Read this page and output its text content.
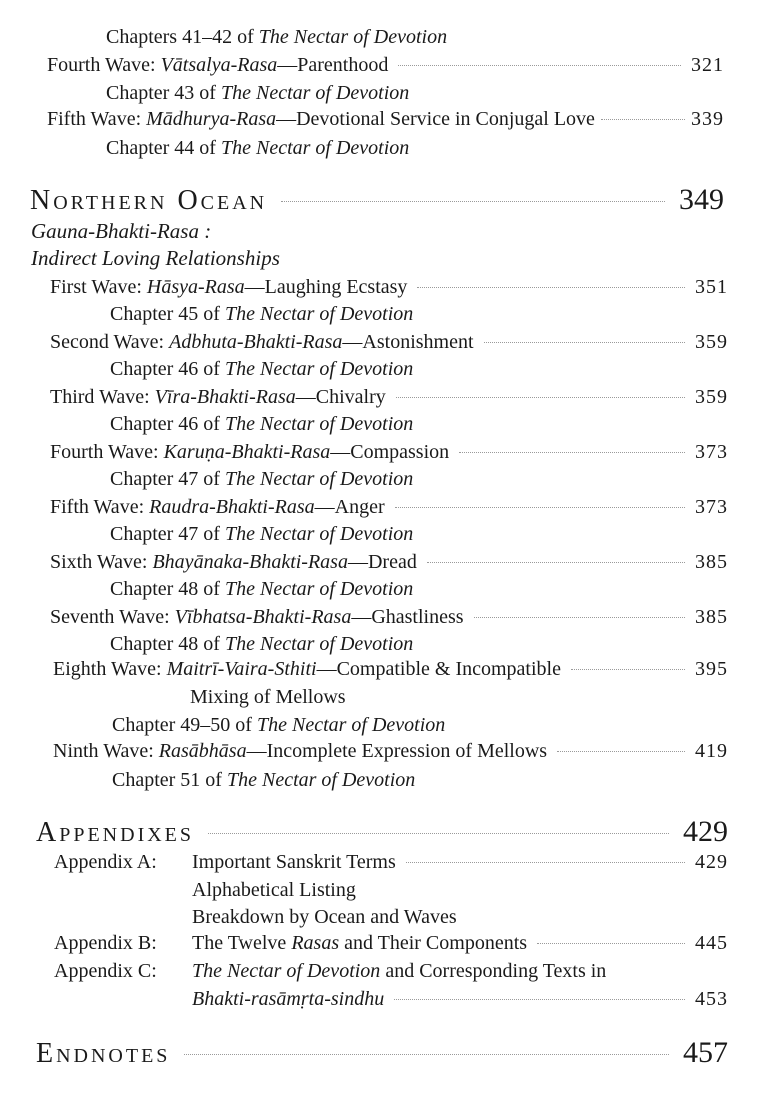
Chapters 41–42 of The Nectar of Devotion
Fourth Wave: Vātsalya-Rasa—Parenthood	321
Chapter 43 of The Nectar of Devotion
Fifth Wave: Mādhurya-Rasa—Devotional Service in Conjugal Love	339
Chapter 44 of The Nectar of Devotion
Northern Ocean	349
Gauna-Bhakti-Rasa :
Indirect Loving Relationships
First Wave: Hāsya-Rasa—Laughing Ecstasy	351
Chapter 45 of The Nectar of Devotion
Second Wave: Adbhuta-Bhakti-Rasa—Astonishment	359
Chapter 46 of The Nectar of Devotion
Third Wave: Vīra-Bhakti-Rasa—Chivalry	359
Chapter 46 of The Nectar of Devotion
Fourth Wave: Karuṇa-Bhakti-Rasa—Compassion	373
Chapter 47 of The Nectar of Devotion
Fifth Wave: Raudra-Bhakti-Rasa—Anger	373
Chapter 47 of The Nectar of Devotion
Sixth Wave: Bhayānaka-Bhakti-Rasa—Dread	385
Chapter 48 of The Nectar of Devotion
Seventh Wave: Vībhatsa-Bhakti-Rasa—Ghastliness	385
Chapter 48 of The Nectar of Devotion
Eighth Wave: Maitrī-Vaira-Sthiti—Compatible & Incompatible	395
Mixing of Mellows
Chapter 49–50 of The Nectar of Devotion
Ninth Wave: Rasābhāsa—Incomplete Expression of Mellows	419
Chapter 51 of The Nectar of Devotion
Appendixes	429
Appendix A: Important Sanskrit Terms	429
Alphabetical Listing
Breakdown by Ocean and Waves
Appendix B: The Twelve Rasas and Their Components	445
Appendix C: The Nectar of Devotion and Corresponding Texts in
Bhakti-rasāmṛta-sindhu	453
Endnotes	457
